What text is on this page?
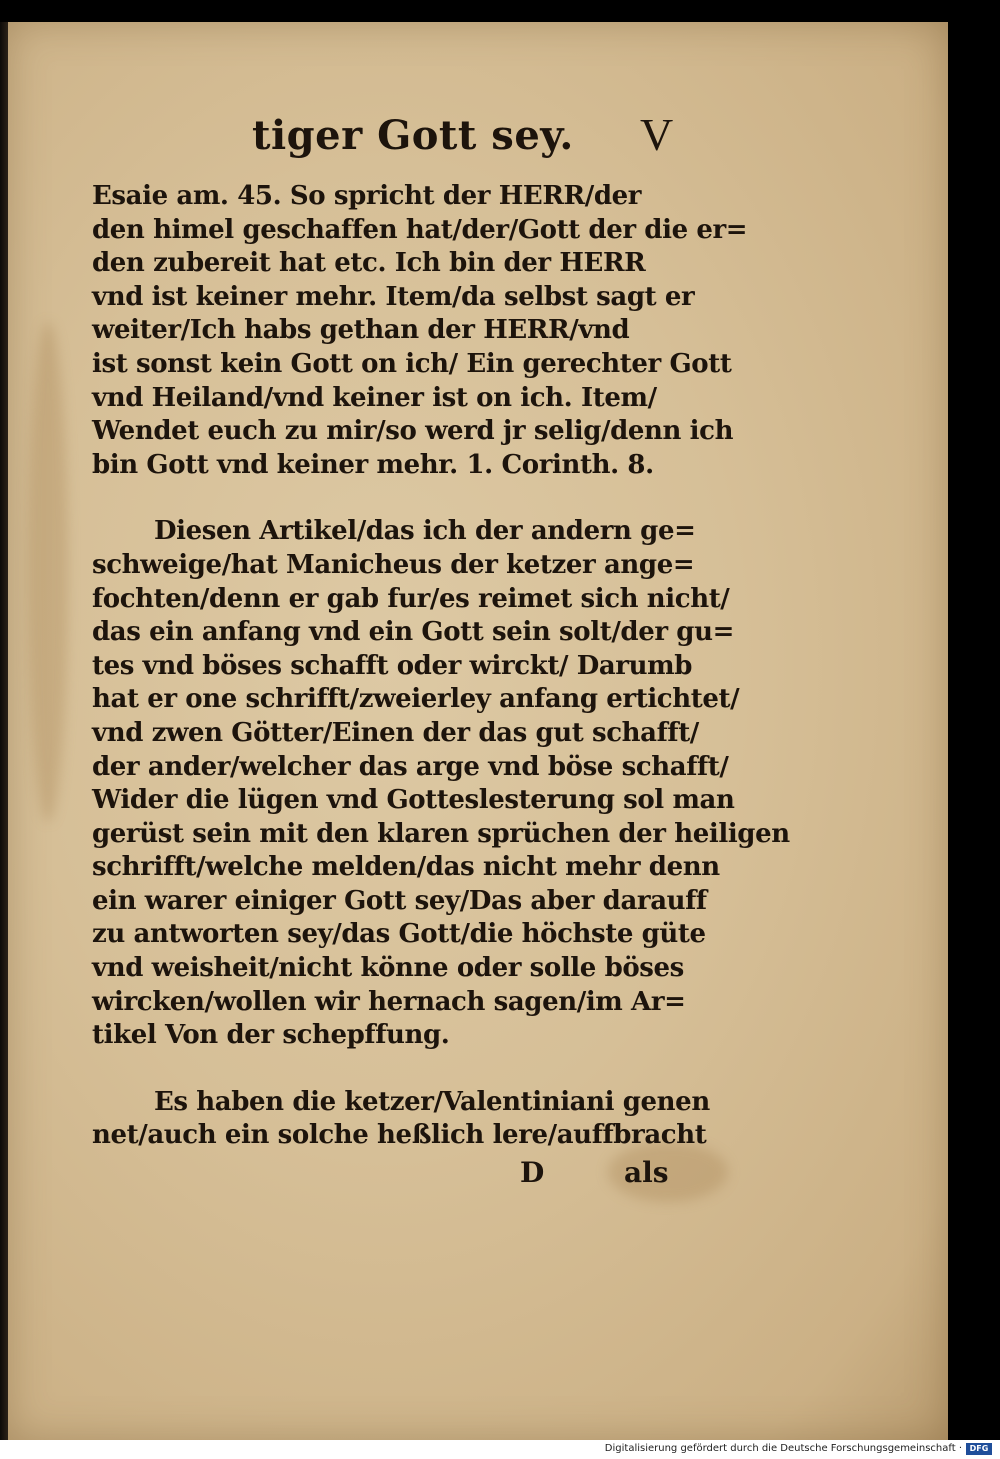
tiger Gott sey. V
Esaie am. 45. So spricht der HERR/der
den himel geschaffen hat/der/Gott der die er=
den zubereit hat etc. Ich bin der HERR
vnd ist keiner mehr. Item/da selbst sagt er
weiter/Ich habs gethan der HERR/vnd
ist sonst kein Gott on ich/ Ein gerechter Gott
vnd Heiland/vnd keiner ist on ich. Item/
Wendet euch zu mir/so werd jr selig/denn ich
bin Gott vnd keiner mehr. 1. Corinth. 8.
Diesen Artikel/das ich der andern ge=
schweige/hat Manicheus der ketzer ange=
fochten/denn er gab fur/es reimet sich nicht/
das ein anfang vnd ein Gott sein solt/der gu=
tes vnd böses schafft oder wirckt/ Darumb
hat er one schrifft/zweierley anfang ertichtet/
vnd zwen Götter/Einen der das gut schafft/
der ander/welcher das arge vnd böse schafft/
Wider die lügen vnd Gotteslesterung sol man
gerüst sein mit den klaren sprüchen der heiligen
schrifft/welche melden/das nicht mehr denn
ein warer einiger Gott sey/Das aber darauff
zu antworten sey/das Gott/die höchste güte
vnd weisheit/nicht könne oder solle böses
wircken/wollen wir hernach sagen/im Ar=
tikel Von der schepffung.
Es haben die ketzer/Valentiniani genen
net/auch ein solche heßlich lere/auffbracht
D	als
Digitalisierung gefördert durch die Deutsche Forschungsgemeinschaft · DFG
